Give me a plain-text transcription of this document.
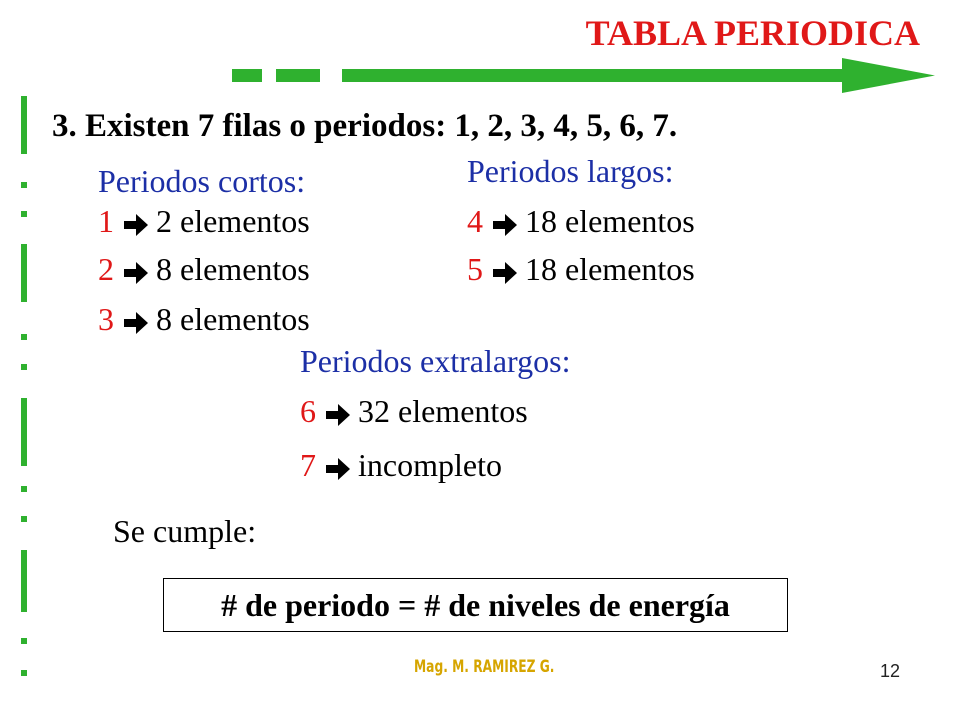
TABLA PERIODICA
3. Existen 7 filas o periodos: 1, 2, 3, 4, 5, 6, 7.
Periodos cortos:
1 2 elementos
2 8 elementos
3 8 elementos
Periodos largos:
4 18 elementos
5 18 elementos
Periodos extralargos:
6 32 elementos
7 incompleto
Se cumple:
# de periodo = # de niveles de energía
Mag. M. RAMIREZ G.	12
